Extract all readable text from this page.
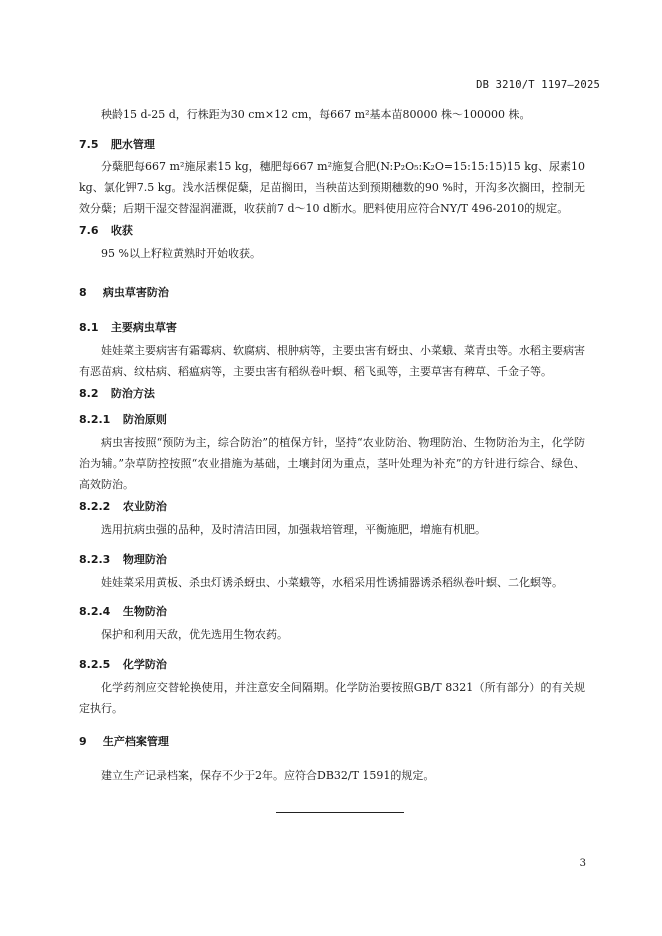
DB 3210/T 1197—2025
秧龄15 d-25 d，行株距为30 cm×12 cm，每667 m²基本苗80000 株～100000 株。
7.5 肥水管理
分蘖肥每667 m²施尿素15 kg，穗肥每667 m²施复合肥(N:P₂O₅:K₂O=15:15:15)15 kg、尿素10 kg、氯化钾7.5 kg。浅水活棵促蘖，足苗搁田，当秧苗达到预期穗数的90 %时，开沟多次搁田，控制无效分蘖；后期干湿交替湿润灌溉，收获前7 d～10 d断水。肥料使用应符合NY/T 496-2010的规定。
7.6 收获
95 %以上籽粒黄熟时开始收获。
8 病虫草害防治
8.1 主要病虫草害
娃娃菜主要病害有霜霉病、软腐病、根肿病等，主要虫害有蚜虫、小菜蛾、菜青虫等。水稻主要病害有恶苗病、纹枯病、稻瘟病等，主要虫害有稻纵卷叶螟、稻飞虱等，主要草害有稗草、千金子等。
8.2 防治方法
8.2.1 防治原则
病虫害按照“预防为主，综合防治”的植保方针，坚持“农业防治、物理防治、生物防治为主，化学防治为辅。”杂草防控按照“农业措施为基础，土壤封闭为重点，茎叶处理为补充”的方针进行综合、绿色、高效防治。
8.2.2 农业防治
选用抗病虫强的品种，及时清洁田园，加强栽培管理，平衡施肥，增施有机肥。
8.2.3 物理防治
娃娃菜采用黄板、杀虫灯诱杀蚜虫、小菜蛾等，水稻采用性诱捕器诱杀稻纵卷叶螟、二化螟等。
8.2.4 生物防治
保护和利用天敌，优先选用生物农药。
8.2.5 化学防治
化学药剂应交替轮换使用，并注意安全间隔期。化学防治要按照GB/T 8321（所有部分）的有关规定执行。
9 生产档案管理
建立生产记录档案，保存不少于2年。应符合DB32/T 1591的规定。
3
